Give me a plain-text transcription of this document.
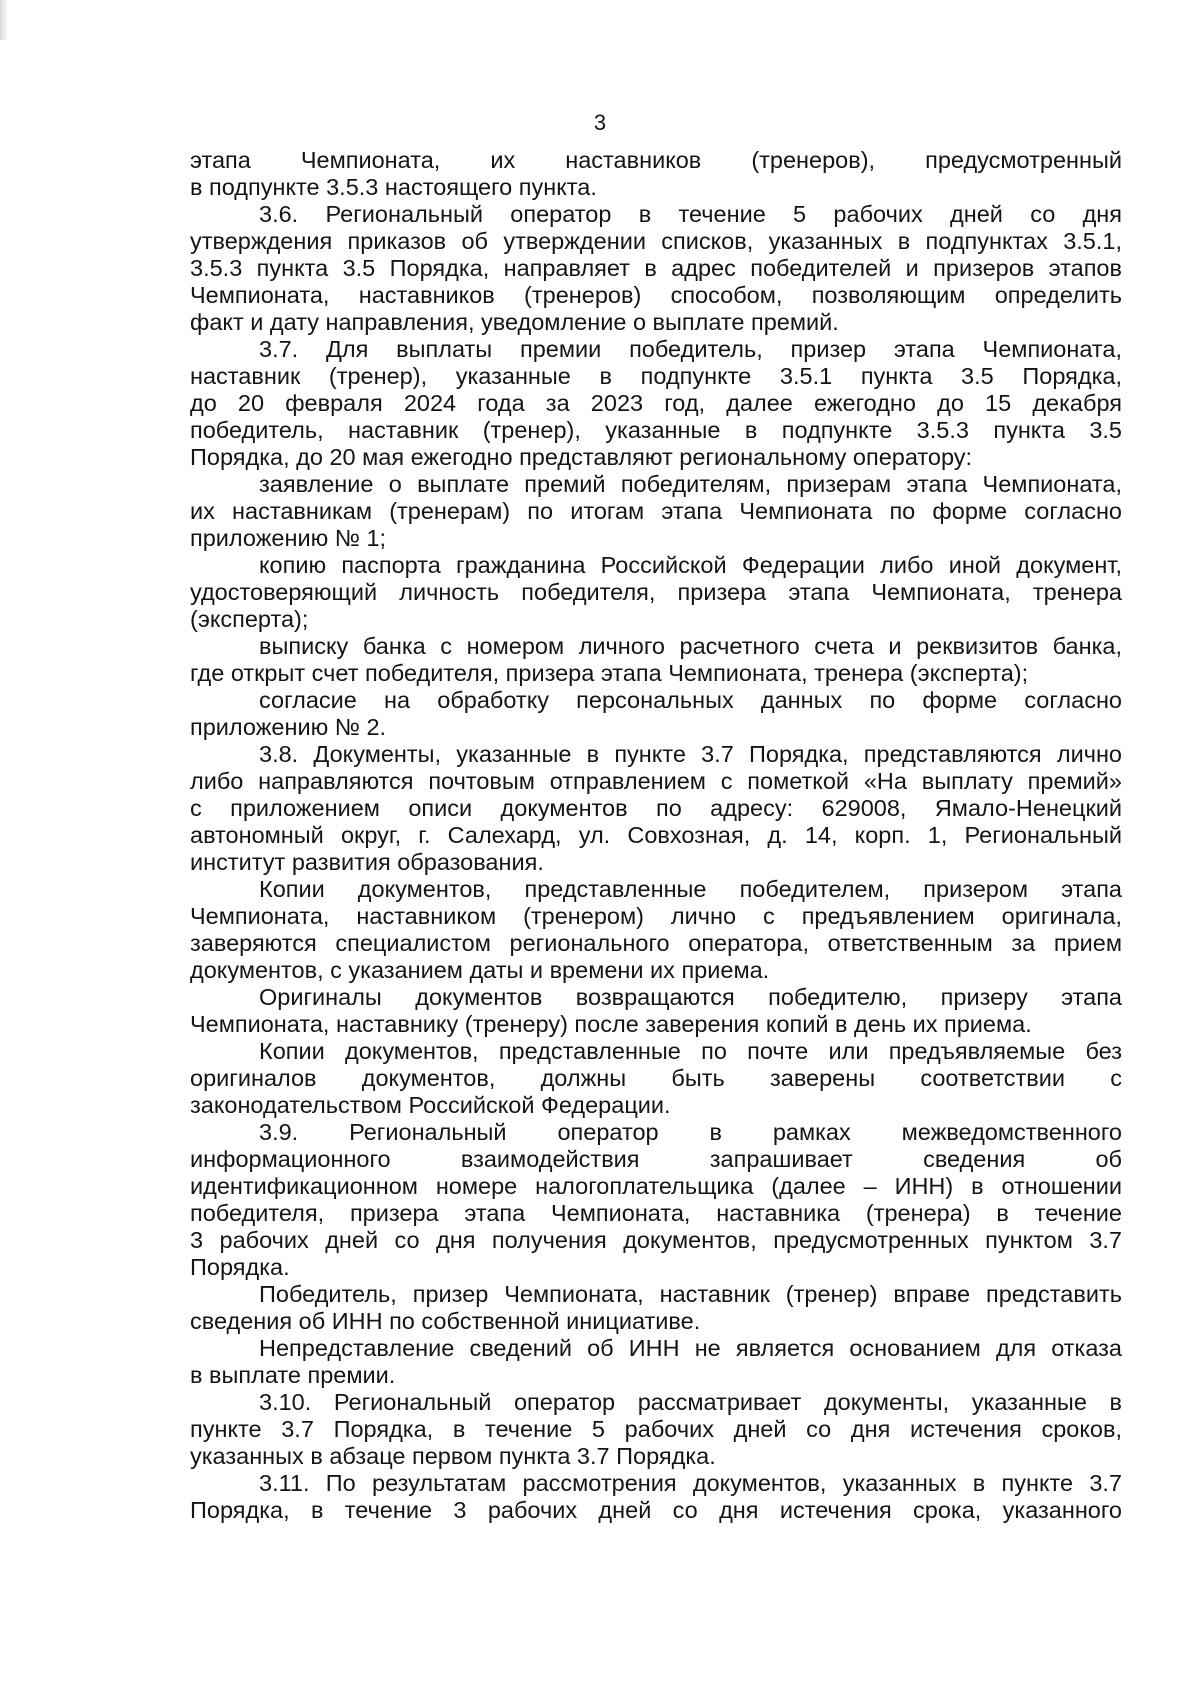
3
этапа Чемпионата, их наставников (тренеров), предусмотренный
в подпункте 3.5.3 настоящего пункта.
3.6. Региональный оператор в течение 5 рабочих дней со дня
утверждения приказов об утверждении списков, указанных в подпунктах 3.5.1,
3.5.3 пункта 3.5 Порядка, направляет в адрес победителей и призеров этапов
Чемпионата, наставников (тренеров) способом, позволяющим определить
факт и дату направления, уведомление о выплате премий.
3.7. Для выплаты премии победитель, призер этапа Чемпионата,
наставник (тренер), указанные в подпункте 3.5.1 пункта 3.5 Порядка,
до 20 февраля 2024 года за 2023 год, далее ежегодно до 15 декабря
победитель, наставник (тренер), указанные в подпункте 3.5.3 пункта 3.5
Порядка, до 20 мая ежегодно представляют региональному оператору:
заявление о выплате премий победителям, призерам этапа Чемпионата,
их наставникам (тренерам) по итогам этапа Чемпионата по форме согласно
приложению № 1;
копию паспорта гражданина Российской Федерации либо иной документ,
удостоверяющий личность победителя, призера этапа Чемпионата, тренера
(эксперта);
выписку банка с номером личного расчетного счета и реквизитов банка,
где открыт счет победителя, призера этапа Чемпионата, тренера (эксперта);
согласие на обработку персональных данных по форме согласно
приложению № 2.
3.8. Документы, указанные в пункте 3.7 Порядка, представляются лично
либо направляются почтовым отправлением с пометкой «На выплату премий»
с приложением описи документов по адресу: 629008, Ямало-Ненецкий
автономный округ, г. Салехард, ул. Совхозная, д. 14, корп. 1, Региональный
институт развития образования.
Копии документов, представленные победителем, призером этапа
Чемпионата, наставником (тренером) лично с предъявлением оригинала,
заверяются специалистом регионального оператора, ответственным за прием
документов, с указанием даты и времени их приема.
Оригиналы документов возвращаются победителю, призеру этапа
Чемпионата, наставнику (тренеру) после заверения копий в день их приема.
Копии документов, представленные по почте или предъявляемые без
оригиналов документов, должны быть заверены соответствии с
законодательством Российской Федерации.
3.9. Региональный оператор в рамках межведомственного
информационного взаимодействия запрашивает сведения об
идентификационном номере налогоплательщика (далее – ИНН) в отношении
победителя, призера этапа Чемпионата, наставника (тренера) в течение
3 рабочих дней со дня получения документов, предусмотренных пунктом 3.7
Порядка.
Победитель, призер Чемпионата, наставник (тренер) вправе представить
сведения об ИНН по собственной инициативе.
Непредставление сведений об ИНН не является основанием для отказа
в выплате премии.
3.10. Региональный оператор рассматривает документы, указанные в
пункте 3.7 Порядка, в течение 5 рабочих дней со дня истечения сроков,
указанных в абзаце первом пункта 3.7 Порядка.
3.11. По результатам рассмотрения документов, указанных в пункте 3.7
Порядка, в течение 3 рабочих дней со дня истечения срока, указанного
